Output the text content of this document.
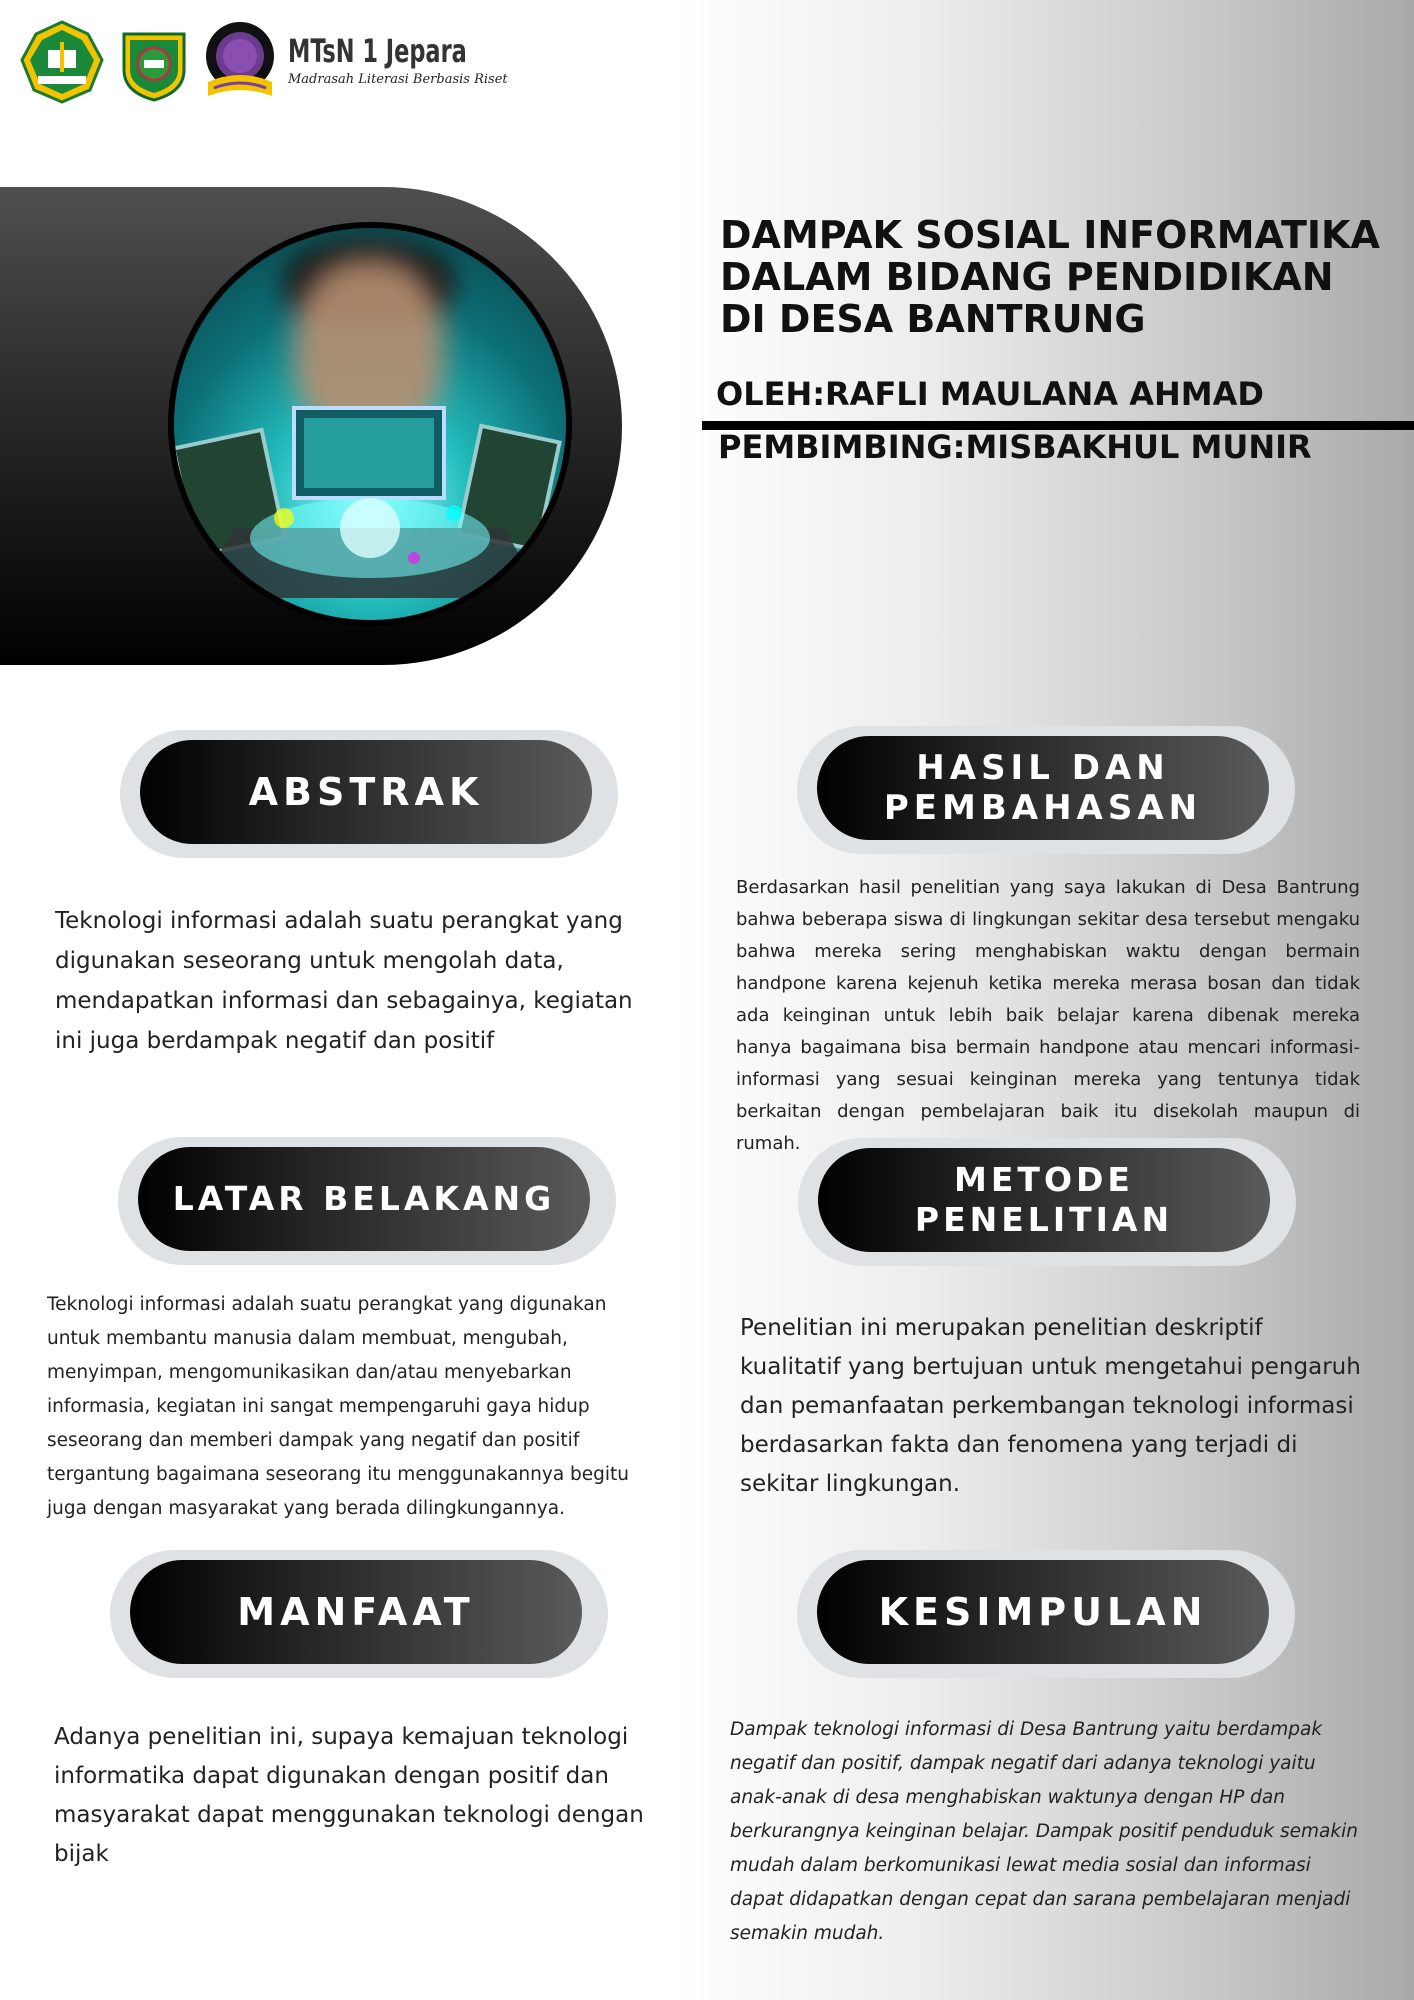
MTsN 1 Jepara
Madrasah Literasi Berbasis Riset
DAMPAK SOSIAL INFORMATIKA DALAM BIDANG PENDIDIKAN DI DESA BANTRUNG
OLEH:RAFLI MAULANA AHMAD
PEMBIMBING:MISBAKHUL MUNIR
ABSTRAK

Teknologi informasi adalah suatu perangkat yang digunakan seseorang untuk mengolah data, mendapatkan informasi dan sebagainya, kegiatan ini juga berdampak negatif dan positif

HASIL DAN PEMBAHASAN

Berdasarkan hasil penelitian yang saya lakukan di Desa Bantrung bahwa beberapa siswa di lingkungan sekitar desa tersebut mengaku bahwa mereka sering menghabiskan waktu dengan bermain handpone karena kejenuh ketika mereka merasa bosan dan tidak ada keinginan untuk lebih baik belajar karena dibenak mereka hanya bagaimana bisa bermain handpone atau mencari informasi-informasi yang sesuai keinginan mereka yang tentunya tidak berkaitan dengan pembelajaran baik itu disekolah maupun di rumah.

LATAR BELAKANG

Teknologi informasi adalah suatu perangkat yang digunakan untuk membantu manusia dalam membuat, mengubah, menyimpan, mengomunikasikan dan/atau menyebarkan informasia, kegiatan ini sangat mempengaruhi gaya hidup seseorang dan memberi dampak yang negatif dan positif tergantung bagaimana seseorang itu menggunakannya begitu juga dengan masyarakat yang berada dilingkungannya.

METODE PENELITIAN

Penelitian ini merupakan penelitian deskriptif kualitatif yang bertujuan untuk mengetahui pengaruh dan pemanfaatan perkembangan teknologi informasi berdasarkan fakta dan fenomena yang terjadi di sekitar lingkungan.

MANFAAT

Adanya penelitian ini, supaya kemajuan teknologi informatika dapat digunakan dengan positif dan masyarakat dapat menggunakan teknologi dengan bijak

KESIMPULAN

Dampak teknologi informasi di Desa Bantrung yaitu berdampak negatif dan positif, dampak negatif dari adanya teknologi yaitu anak-anak di desa menghabiskan waktunya dengan HP dan berkurangnya keinginan belajar. Dampak positif penduduk semakin mudah dalam berkomunikasi lewat media sosial dan informasi dapat didapatkan dengan cepat dan sarana pembelajaran menjadi semakin mudah.
